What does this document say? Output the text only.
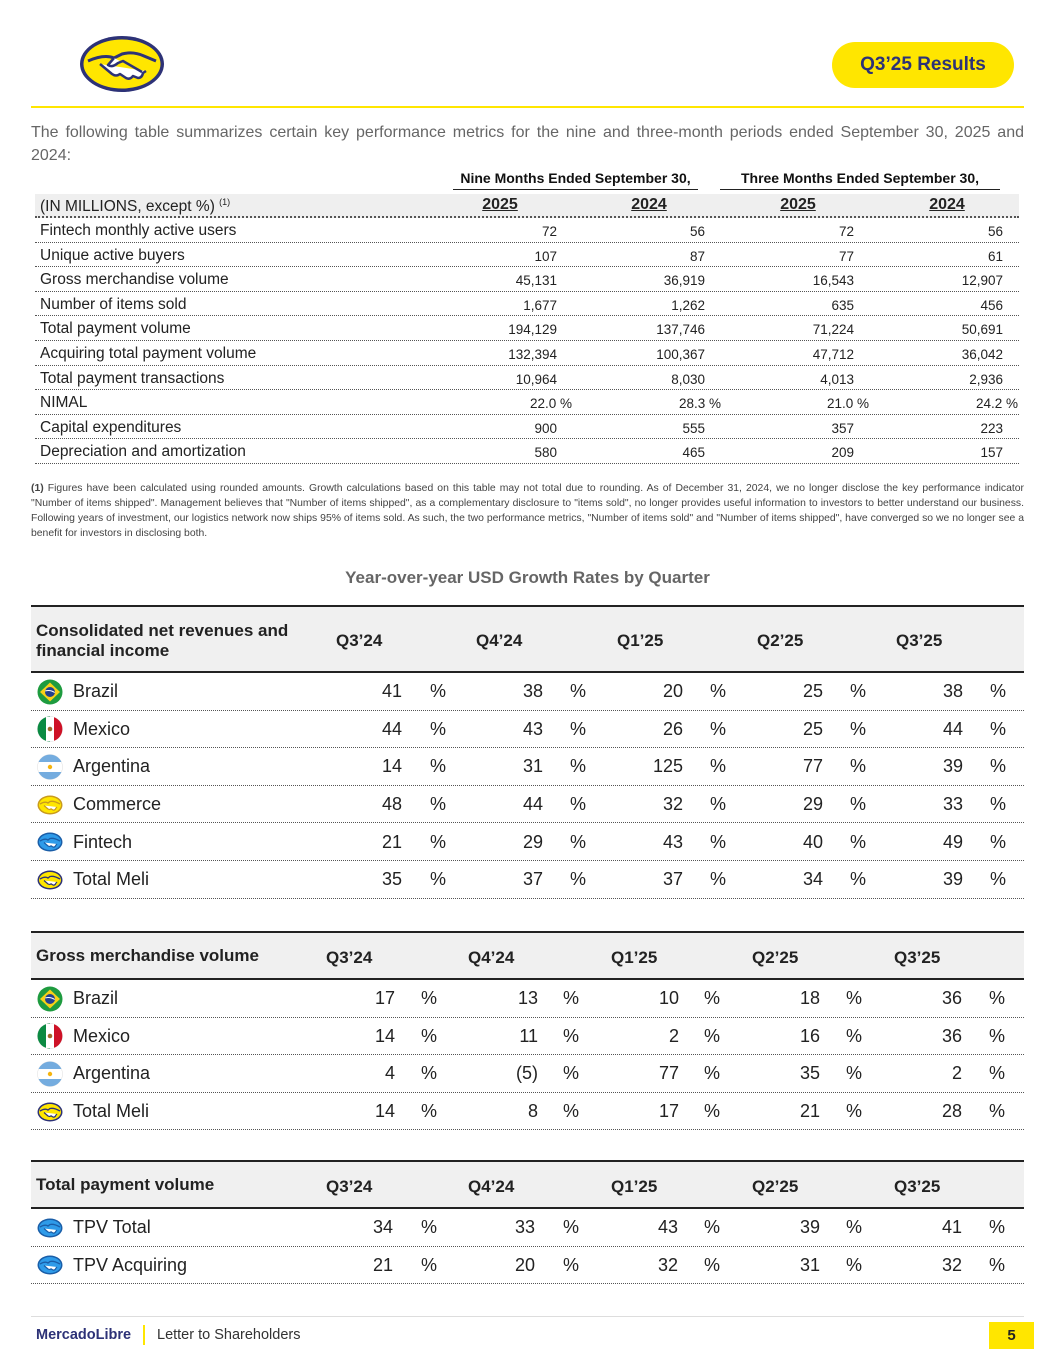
Q3’25 Results

The following table summarizes certain key performance metrics for the nine and three-month periods ended September 30, 2025 and 2024:

Nine Months Ended September 30,	Three Months Ended September 30,
(IN MILLIONS, except %) $^{(1)}$	2025	2024	2025	2024
Fintech monthly active users	72	56	72	56
Unique active buyers	107	87	77	61
Gross merchandise volume	45,131	36,919	16,543	12,907
Number of items sold	1,677	1,262	635	456
Total payment volume	194,129	137,746	71,224	50,691
Acquiring total payment volume	132,394	100,367	47,712	36,042
Total payment transactions	10,964	8,030	4,013	2,936
NIMAL	22.0 %	28.3 %	21.0 %	24.2 %
Capital expenditures	900	555	357	223
Depreciation and amortization	580	465	209	157
(1) Figures have been calculated using rounded amounts. Growth calculations based on this table may not total due to rounding. As of December 31, 2024, we no longer disclose the key performance indicator "Number of items shipped". Management believes that "Number of items shipped", as a complementary disclosure to "items sold", no longer provides useful information to investors to better understand our business. Following years of investment, our logistics network now ships 95% of items sold. As such, the two performance metrics, "Number of items sold" and "Number of items shipped", have converged so we no longer see a benefit for investors in disclosing both.
Year-over-year USD Growth Rates by Quarter
Consolidated net revenues and financial income
Q3’24	Q4’24	Q1’25	Q2’25	Q3’25
Brazil	41 %	38 %	20 %	25 %	38 %
Mexico	44 %	43 %	26 %	25 %	44 %
Argentina	14 %	31 %	125 %	77 %	39 %
Commerce	48 %	44 %	32 %	29 %	33 %
Fintech	21 %	29 %	43 %	40 %	49 %
Total Meli	35 %	37 %	37 %	34 %	39 %
Gross merchandise volume	Q3’24	Q4’24	Q1’25	Q2’25	Q3’25
Brazil	17 %	13 %	10 %	18 %	36 %
Mexico	14 %	11 %	2 %	16 %	36 %
Argentina	4 %	(5) %	77 %	35 %	2 %
Total Meli	14 %	8 %	17 %	21 %	28 %
Total payment volume	Q3’24	Q4’24	Q1’25	Q2’25	Q3’25
TPV Total	34 %	33 %	43 %	39 %	41 %
TPV Acquiring	21 %	20 %	32 %	31 %	32 %
MercadoLibre Letter to Shareholders	5
